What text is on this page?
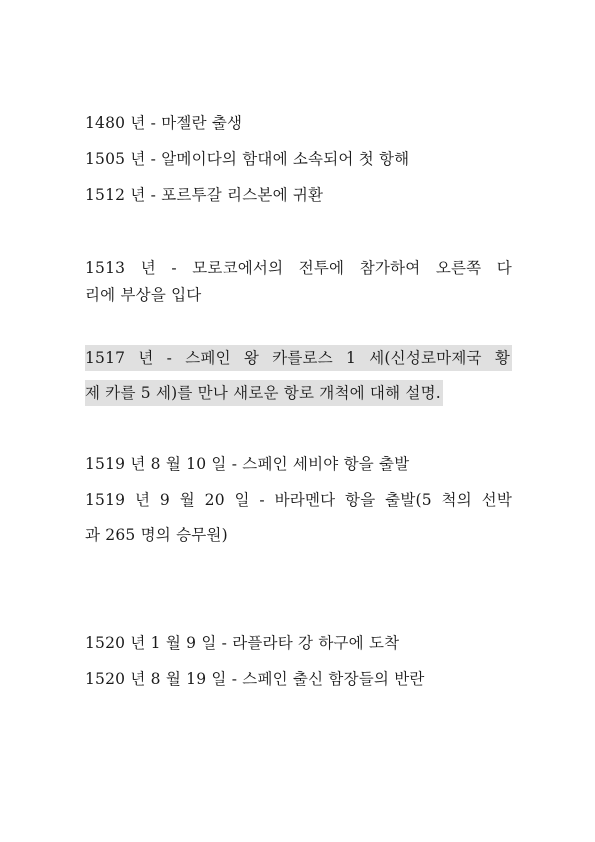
1480 년 - 마젤란 출생
1505 년 - 알메이다의 함대에 소속되어 첫 항해
1512 년 - 포르투갈 리스본에 귀환
1513 년 - 모로코에서의 전투에 참가하여 오른쪽 다
리에 부상을 입다
1517 년 - 스페인 왕 카를로스 1 세(신성로마제국 황
제 카를 5 세)를 만나 새로운 항로 개척에 대해 설명.
1519 년 8 월 10 일 - 스페인 세비야 항을 출발
1519 년 9 월 20 일 - 바라멘다 항을 출발(5 척의 선박
과 265 명의 승무원)
1520 년 1 월 9 일 - 라플라타 강 하구에 도착
1520 년 8 월 19 일 - 스페인 출신 함장들의 반란
